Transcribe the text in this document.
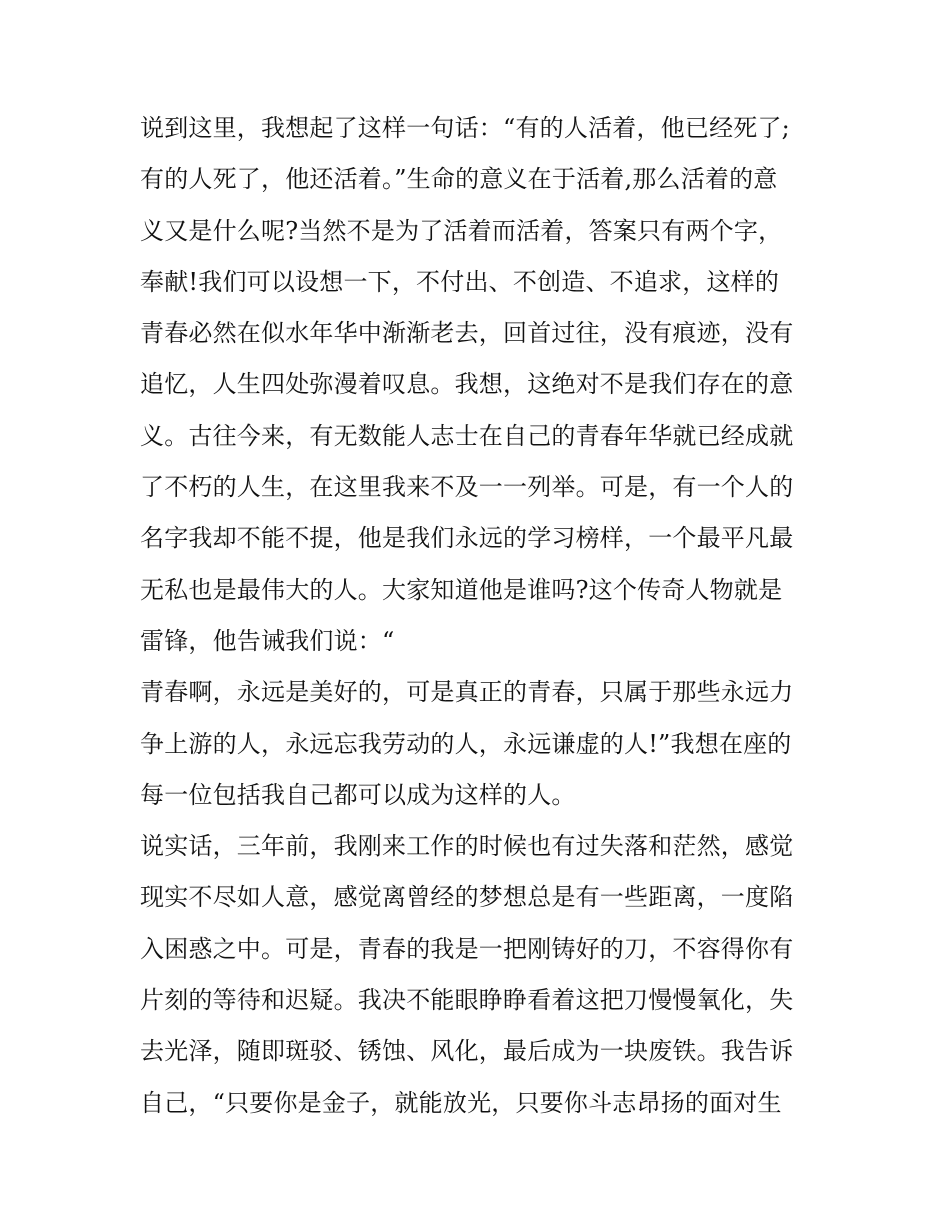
说到这里，我想起了这样一句话：“有的人活着，他已经死了;
有的人死了，他还活着。”生命的意义在于活着,那么活着的意
义又是什么呢?当然不是为了活着而活着，答案只有两个字，
奉献!我们可以设想一下，不付出、不创造、不追求，这样的
青春必然在似水年华中渐渐老去，回首过往，没有痕迹，没有
追忆，人生四处弥漫着叹息。我想，这绝对不是我们存在的意
义。古往今来，有无数能人志士在自己的青春年华就已经成就
了不朽的人生，在这里我来不及一一列举。可是，有一个人的
名字我却不能不提，他是我们永远的学习榜样，一个最平凡最
无私也是最伟大的人。大家知道他是谁吗?这个传奇人物就是
雷锋，他告诫我们说：“
青春啊，永远是美好的，可是真正的青春，只属于那些永远力
争上游的人，永远忘我劳动的人，永远谦虚的人!”我想在座的
每一位包括我自己都可以成为这样的人。
说实话，三年前，我刚来工作的时候也有过失落和茫然，感觉
现实不尽如人意，感觉离曾经的梦想总是有一些距离，一度陷
入困惑之中。可是，青春的我是一把刚铸好的刀，不容得你有
片刻的等待和迟疑。我决不能眼睁睁看着这把刀慢慢氧化，失
去光泽，随即斑驳、锈蚀、风化，最后成为一块废铁。我告诉
自己，“只要你是金子，就能放光，只要你斗志昂扬的面对生
